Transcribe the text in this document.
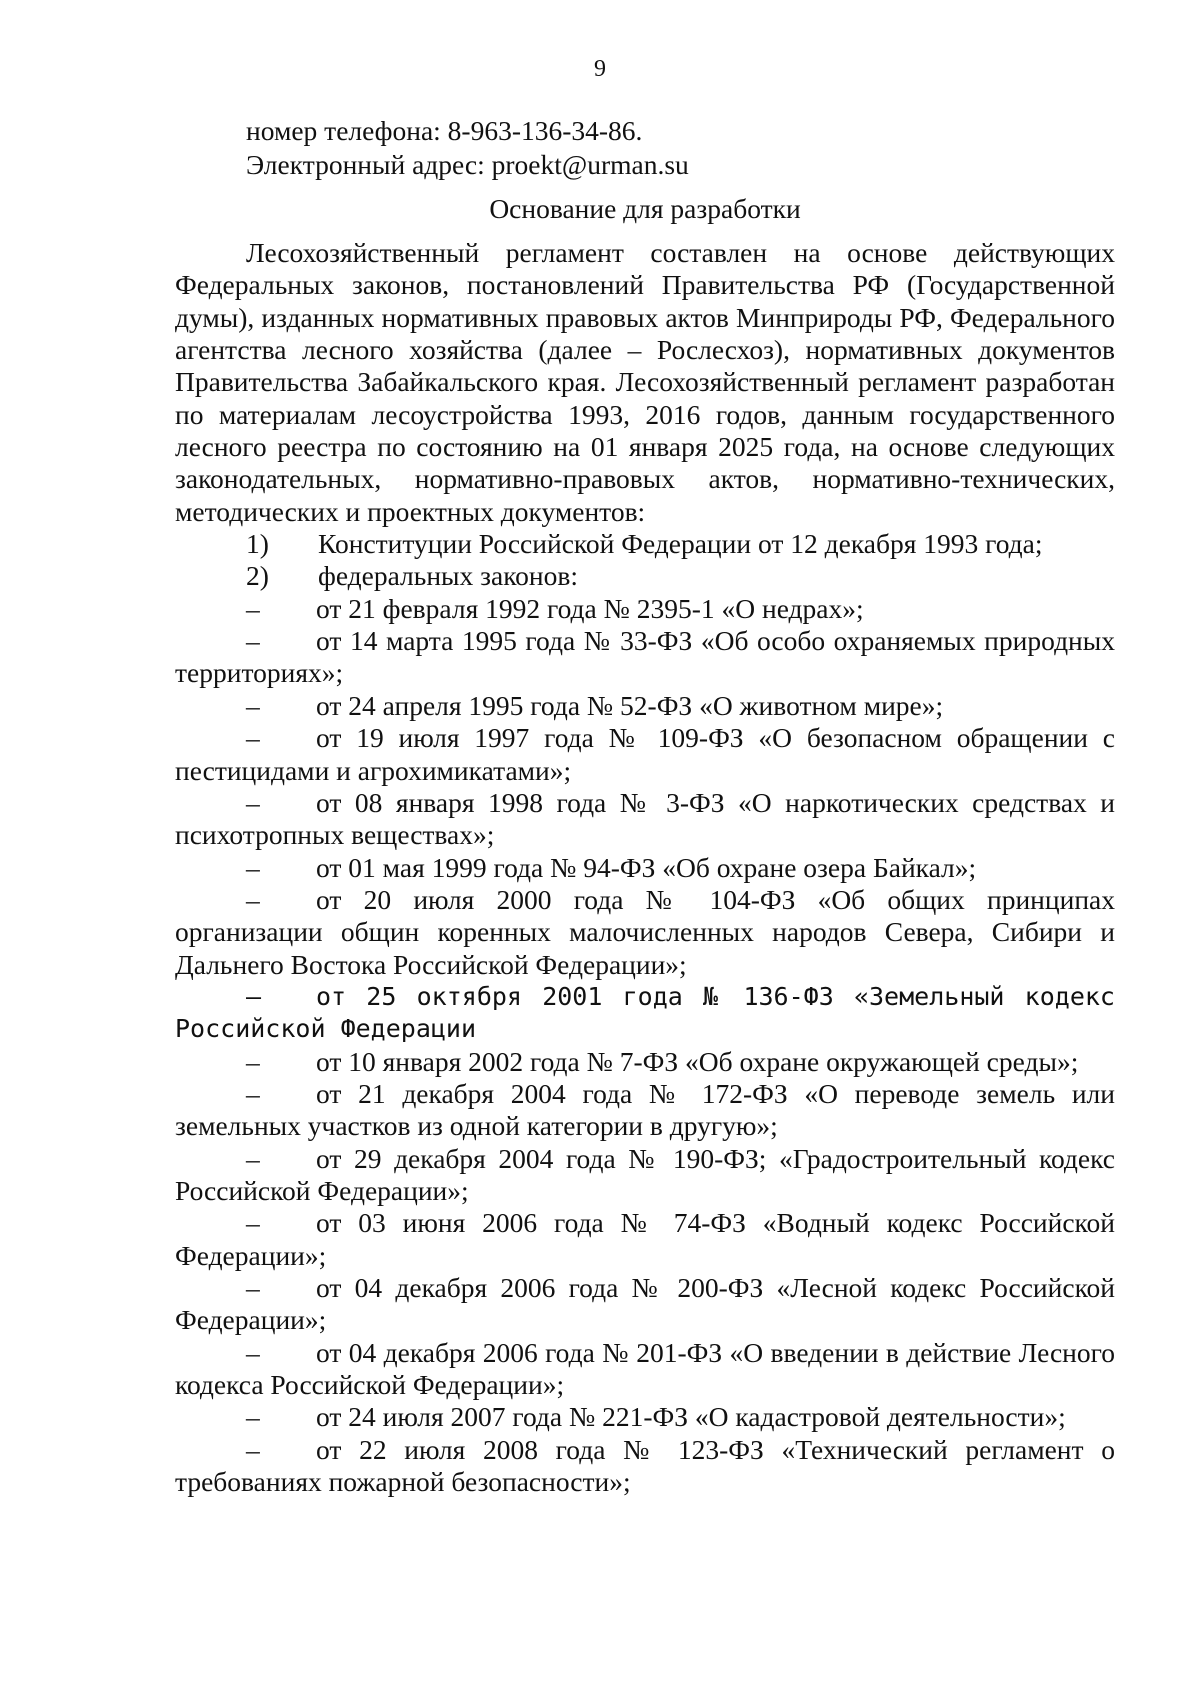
9
номер телефона: 8-963-136-34-86.
Электронный адрес: proekt@urman.su
Основание для разработки

Лесохозяйственный регламент составлен на основе действующих Федеральных законов, постановлений Правительства РФ (Государственной думы), изданных нормативных правовых актов Минприроды РФ, Федерального агентства лесного хозяйства (далее – Рослесхоз), нормативных документов Правительства Забайкальского края. Лесохозяйственный регламент разработан по материалам лесоустройства 1993, 2016 годов, данным государственного лесного реестра по состоянию на 01 января 2025 года, на основе следующих законодательных, нормативно-правовых актов, нормативно-технических, методических и проектных документов:

1)	Конституции Российской Федерации от 12 декабря 1993 года;
2)	федеральных законов:

– от 21 февраля 1992 года № 2395-1 «О недрах»;

– от 14 марта 1995 года № 33-ФЗ «Об особо охраняемых природных территориях»;

– от 24 апреля 1995 года № 52-ФЗ «О животном мире»;

– от 19 июля 1997 года № 109-ФЗ «О безопасном обращении с пестицидами и агрохимикатами»;

– от 08 января 1998 года № 3-ФЗ «О наркотических средствах и психотропных веществах»;

– от 01 мая 1999 года № 94-ФЗ «Об охране озера Байкал»;

– от 20 июля 2000 года № 104-ФЗ «Об общих принципах организации общин коренных малочисленных народов Севера, Сибири и Дальнего Востока Российской Федерации»;

– от 25 октября 2001 года № 136-ФЗ «Земельный кодекс Российской Федерации

– от 10 января 2002 года № 7-ФЗ «Об охране окружающей среды»;

– от 21 декабря 2004 года № 172-ФЗ «О переводе земель или земельных участков из одной категории в другую»;

– от 29 декабря 2004 года № 190-ФЗ; «Градостроительный кодекс Российской Федерации»;

– от 03 июня 2006 года № 74-ФЗ «Водный кодекс Российской Федерации»;

– от 04 декабря 2006 года № 200-ФЗ «Лесной кодекс Российской Федерации»;

– от 04 декабря 2006 года № 201-ФЗ «О введении в действие Лесного кодекса Российской Федерации»;

– от 24 июля 2007 года № 221-ФЗ «О кадастровой деятельности»;

– от 22 июля 2008 года № 123-ФЗ «Технический регламент о требованиях пожарной безопасности»;
